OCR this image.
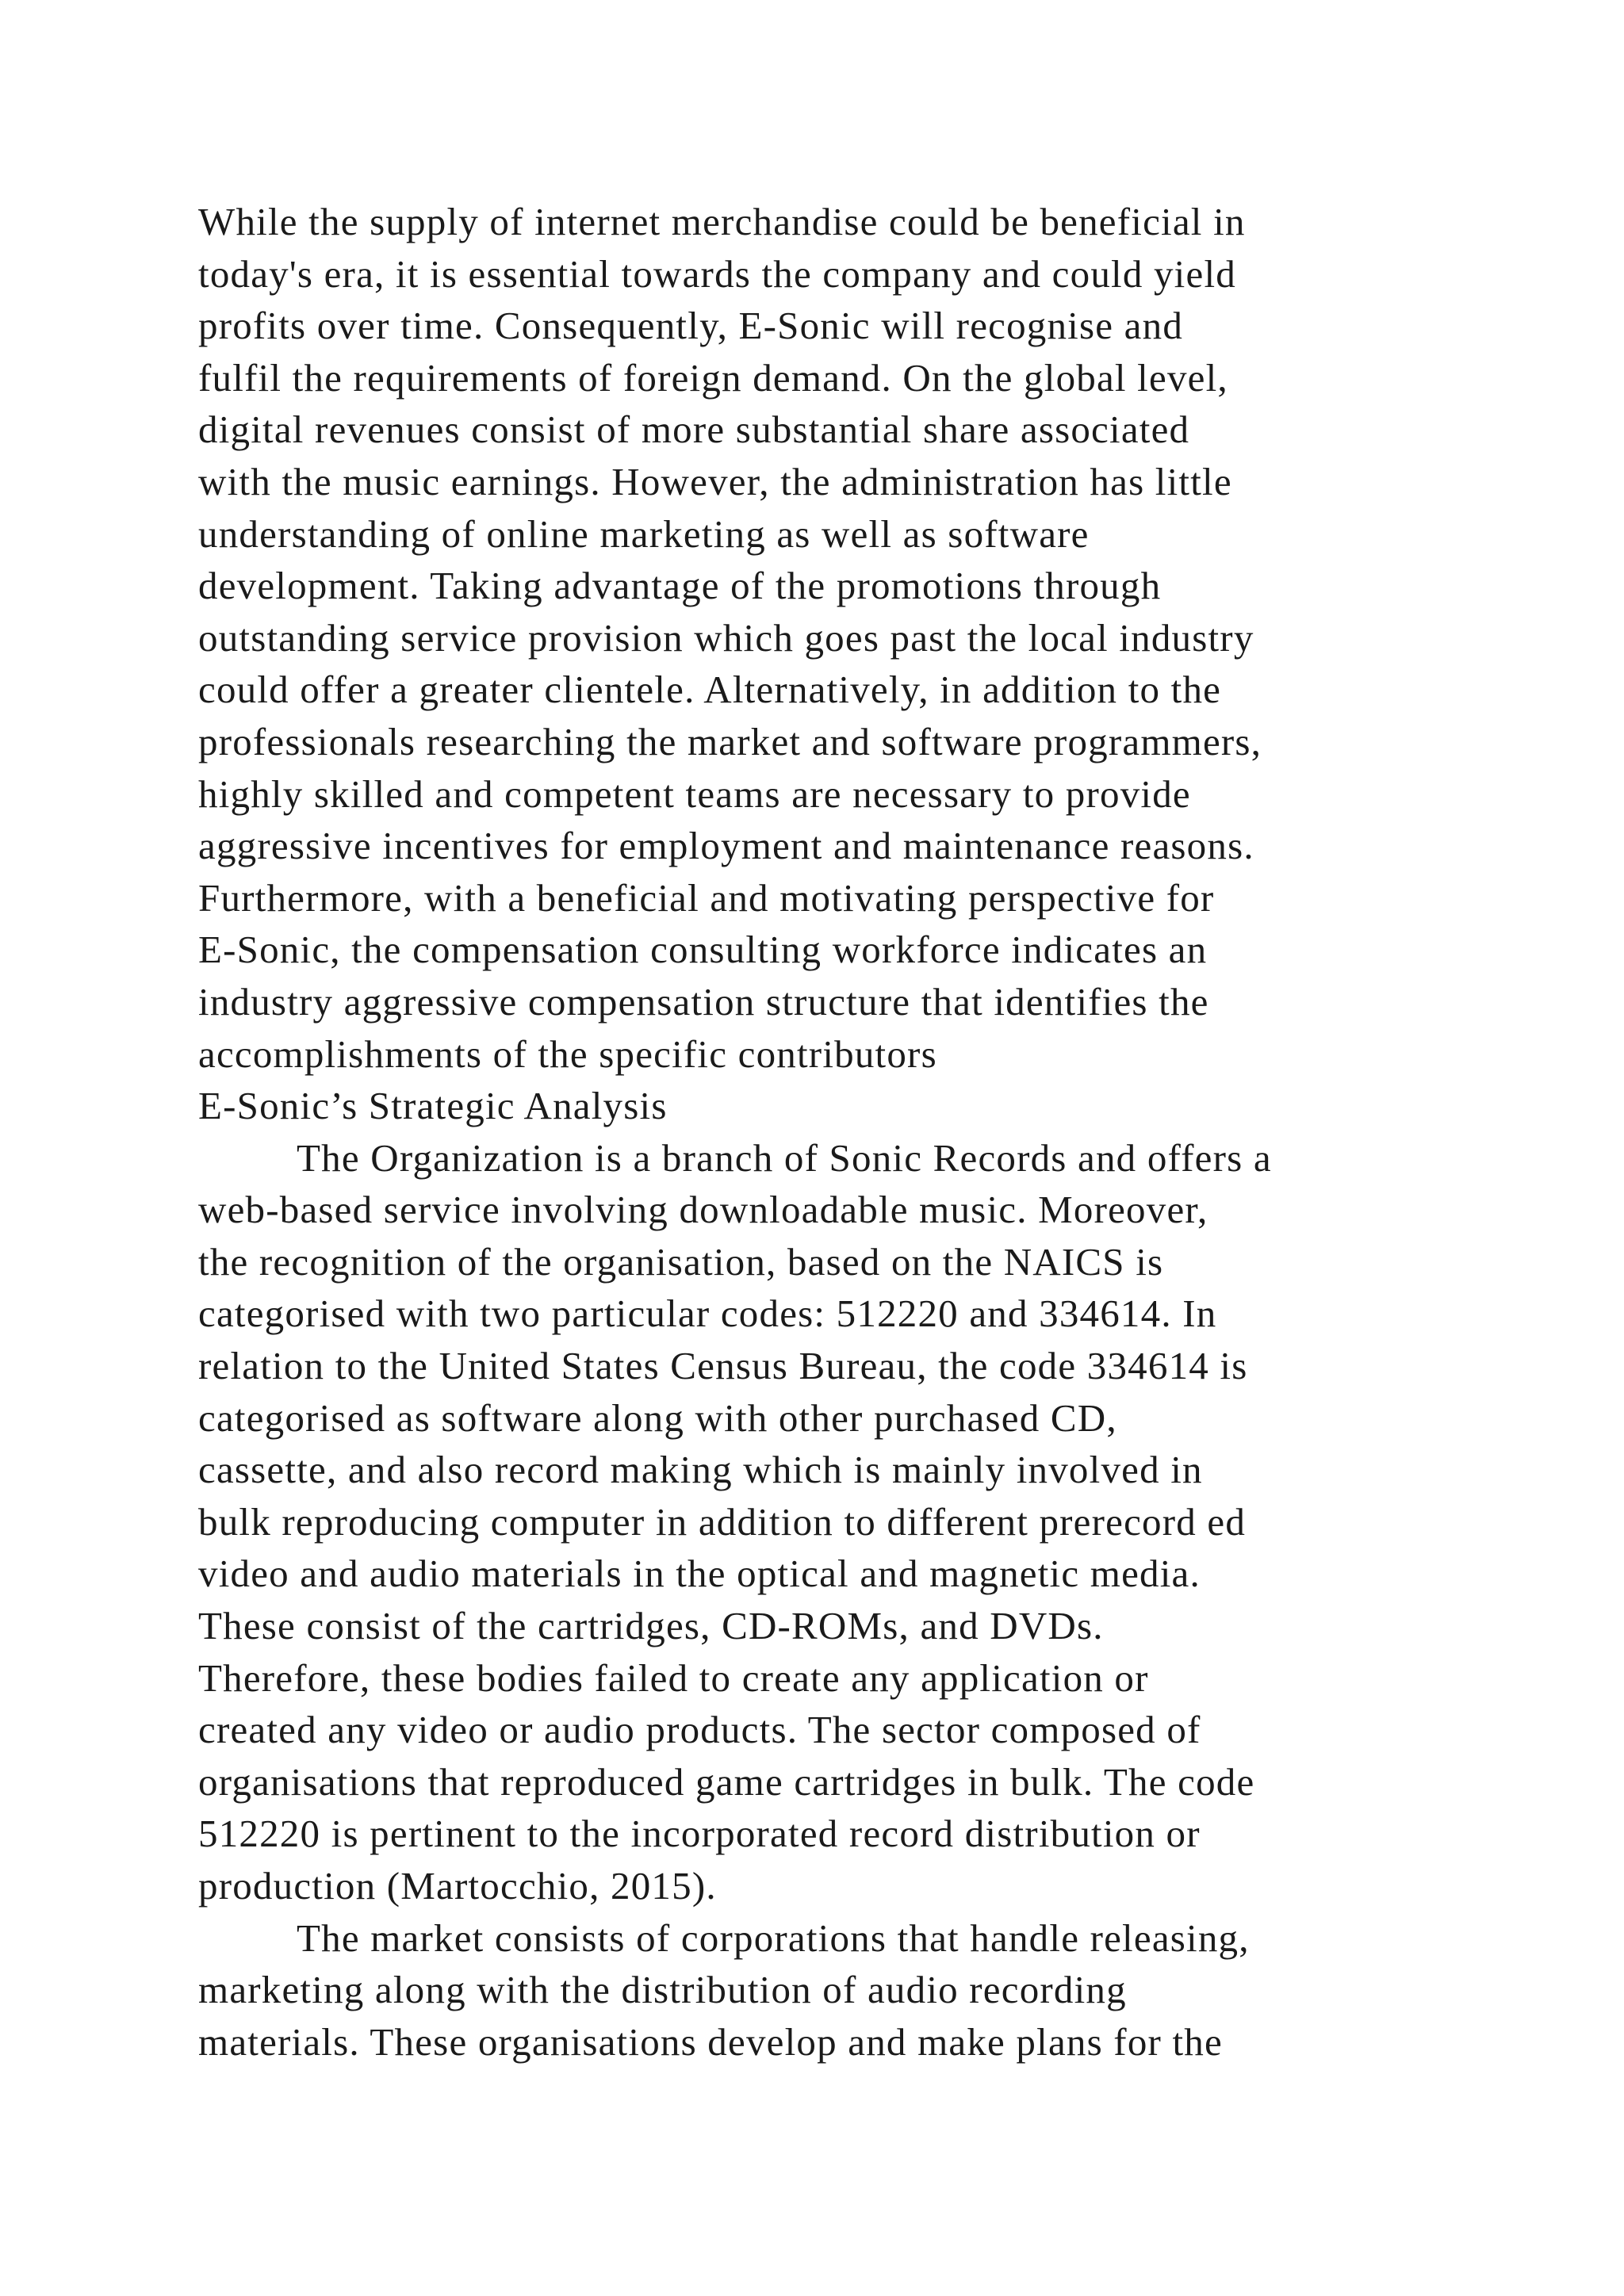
While the supply of internet merchandise could be beneficial in
today's era, it is essential towards the company and could yield
profits over time. Consequently, E-Sonic will recognise and
fulfil the requirements of foreign demand. On the global level,
digital revenues consist of more substantial share associated
with the music earnings. However, the administration has little
understanding of online marketing as well as software
development. Taking advantage of the promotions through
outstanding service provision which goes past the local industry
could offer a greater clientele. Alternatively, in addition to the
professionals researching the market and software programmers,
highly skilled and competent teams are necessary to provide
aggressive incentives for employment and maintenance reasons.
Furthermore, with a beneficial and motivating perspective for
E-Sonic, the compensation consulting workforce indicates an
industry aggressive compensation structure that identifies the
accomplishments of the specific contributors
E-Sonic’s Strategic Analysis
The Organization is a branch of Sonic Records and offers a
web-based service involving downloadable music. Moreover,
the recognition of the organisation, based on the NAICS is
categorised with two particular codes: 512220 and 334614. In
relation to the United States Census Bureau, the code 334614 is
categorised as software along with other purchased CD,
cassette, and also record making which is mainly involved in
bulk reproducing computer in addition to different prerecord ed
video and audio materials in the optical and magnetic media.
These consist of the cartridges, CD-ROMs, and DVDs.
Therefore, these bodies failed to create any application or
created any video or audio products. The sector composed of
organisations that reproduced game cartridges in bulk. The code
512220 is pertinent to the incorporated record distribution or
production (Martocchio, 2015).
The market consists of corporations that handle releasing,
marketing along with the distribution of audio recording
materials. These organisations develop and make plans for the
